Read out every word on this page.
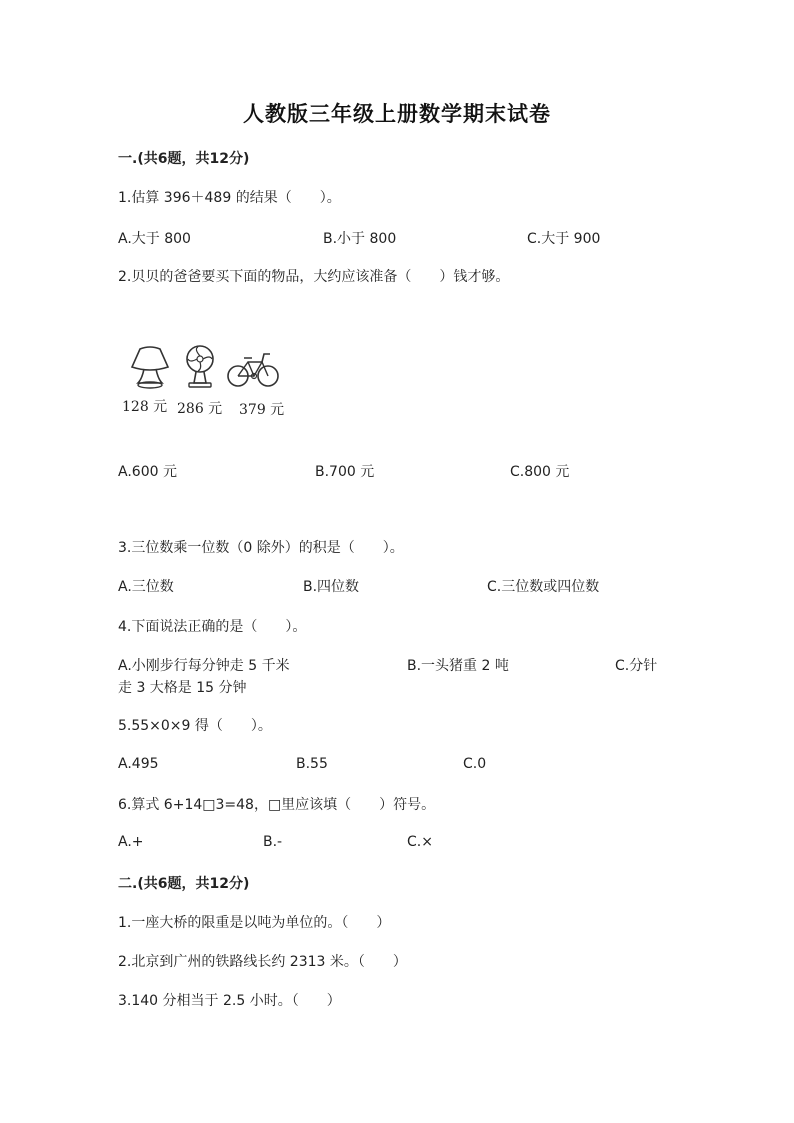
人教版三年级上册数学期末试卷
一.(共6题，共12分)
1.估算 396＋489 的结果（　　）。
A.大于 800	B.小于 800	C.大于 900
2.贝贝的爸爸要买下面的物品，大约应该准备（　　）钱才够。
128 元 286 元 379 元
A.600 元	B.700 元	C.800 元
3.三位数乘一位数（0 除外）的积是（　　）。
A.三位数	B.四位数	C.三位数或四位数
4.下面说法正确的是（　　）。
A.小刚步行每分钟走 5 千米	B.一头猪重 2 吨	C.分针
走 3 大格是 15 分钟
5.55×0×9 得（　　）。
A.495	B.55	C.0
6.算式 6+14□3=48，□里应该填（　　）符号。
A.+	B.-	C.×
二.(共6题，共12分)
1.一座大桥的限重是以吨为单位的。（　　）
2.北京到广州的铁路线长约 2313 米。（　　）
3.140 分相当于 2.5 小时。（　　）
